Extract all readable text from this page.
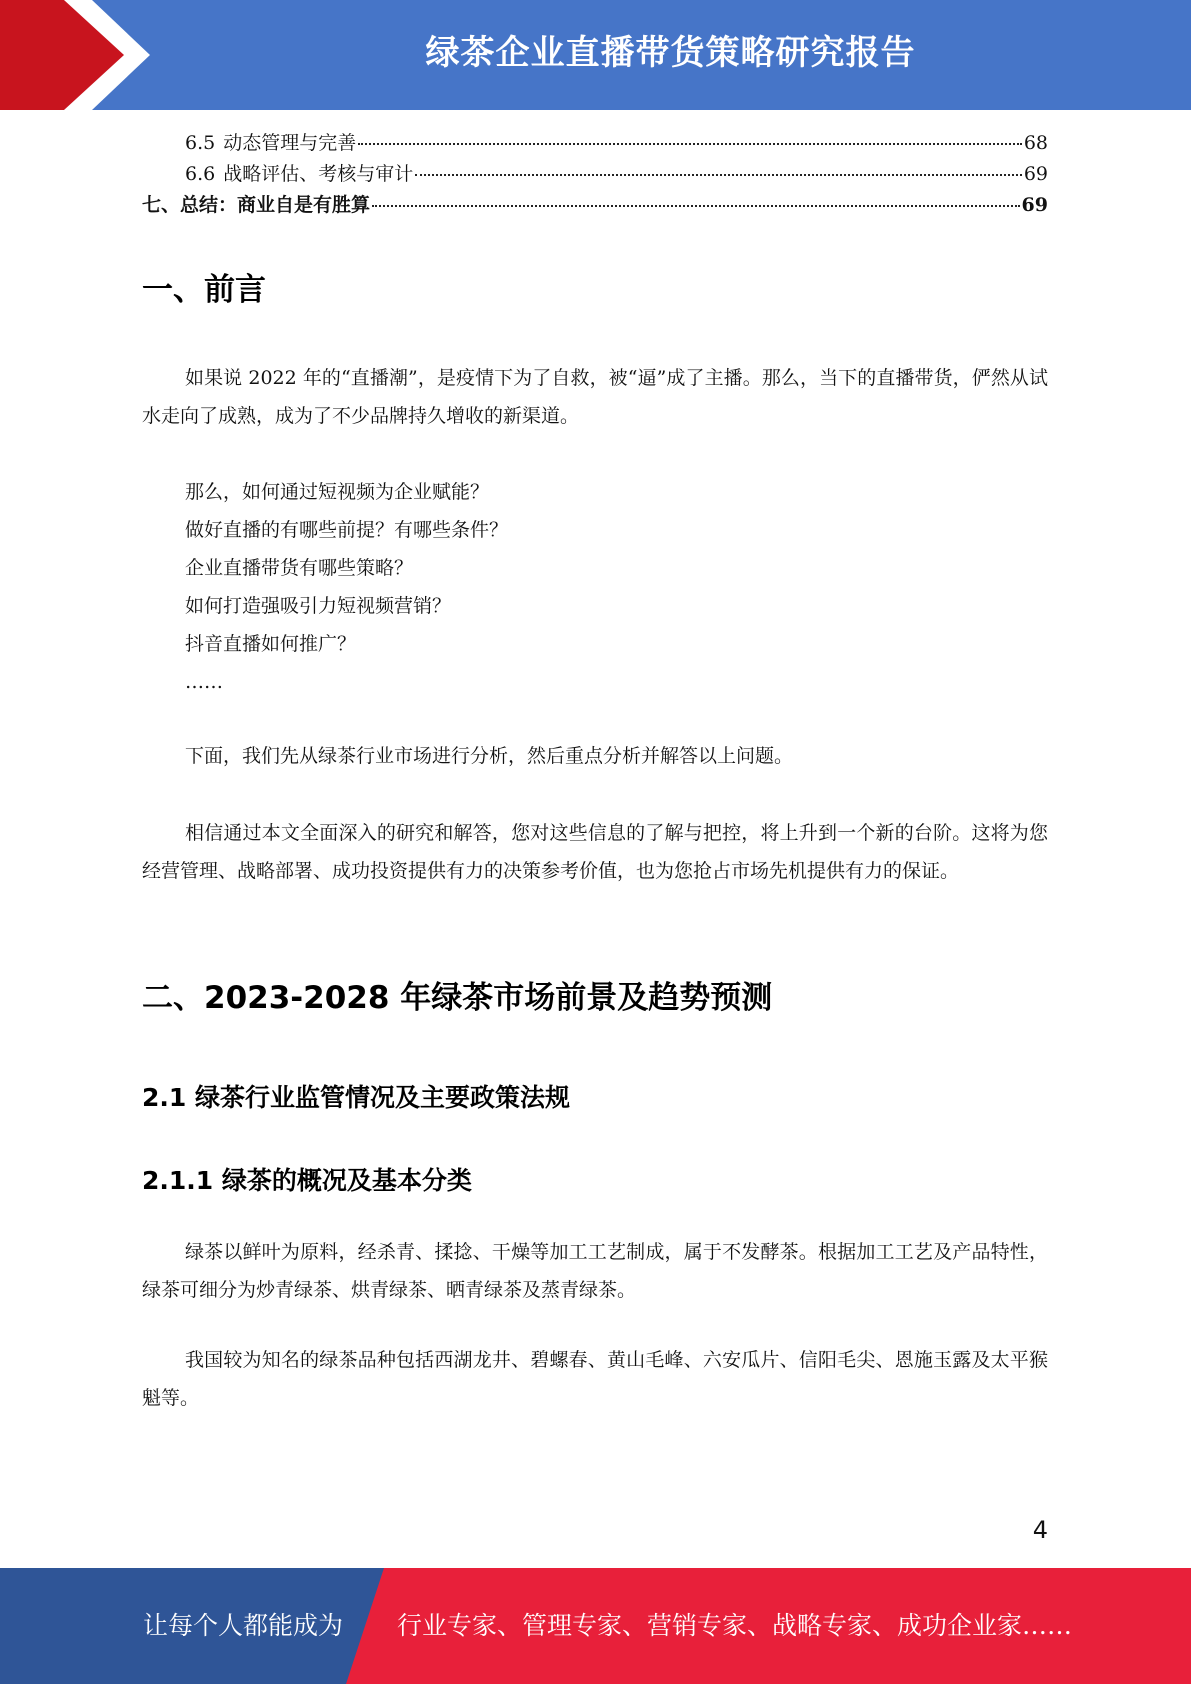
绿茶企业直播带货策略研究报告
6.5 动态管理与完善	68
6.6 战略评估、考核与审计	69
七、总结：商业自是有胜算	69
一、前言
如果说 2022 年的“直播潮”，是疫情下为了自救，被“逼”成了主播。那么，当下的直播带货，俨然从试水走向了成熟，成为了不少品牌持久增收的新渠道。
那么，如何通过短视频为企业赋能？
做好直播的有哪些前提？有哪些条件？
企业直播带货有哪些策略？
如何打造强吸引力短视频营销？
抖音直播如何推广？
……
下面，我们先从绿茶行业市场进行分析，然后重点分析并解答以上问题。
相信通过本文全面深入的研究和解答，您对这些信息的了解与把控，将上升到一个新的台阶。这将为您经营管理、战略部署、成功投资提供有力的决策参考价值，也为您抢占市场先机提供有力的保证。
二、2023-2028 年绿茶市场前景及趋势预测
2.1 绿茶行业监管情况及主要政策法规
2.1.1 绿茶的概况及基本分类
绿茶以鲜叶为原料，经杀青、揉捻、干燥等加工工艺制成，属于不发酵茶。根据加工工艺及产品特性，绿茶可细分为炒青绿茶、烘青绿茶、晒青绿茶及蒸青绿茶。
我国较为知名的绿茶品种包括西湖龙井、碧螺春、黄山毛峰、六安瓜片、信阳毛尖、恩施玉露及太平猴魁等。
4
让每个人都能成为 行业专家、管理专家、营销专家、战略专家、成功企业家……
